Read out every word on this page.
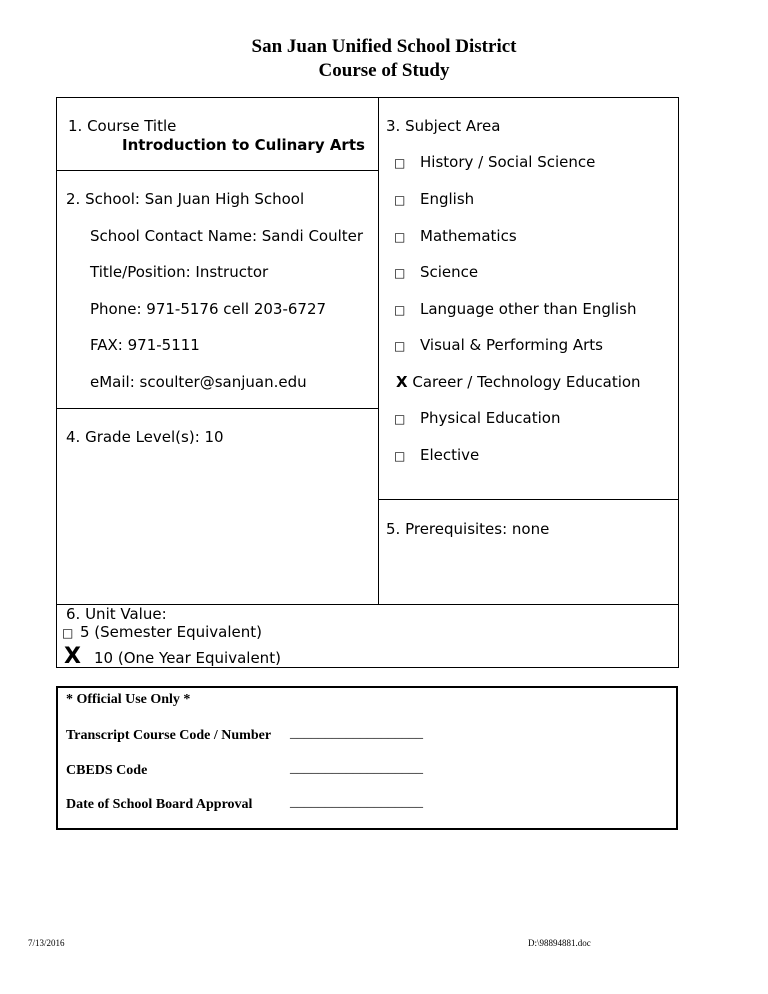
San Juan Unified School District
Course of Study
1. Course Title
Introduction to Culinary Arts
2. School: San Juan High School
School Contact Name: Sandi Coulter
Title/Position: Instructor
Phone: 971-5176 cell 203-6727
FAX: 971-5111
eMail: scoulter@sanjuan.edu
3. Subject Area
□ History / Social Science
□ English
□ Mathematics
□ Science
□ Language other than English
□ Visual & Performing Arts
X Career / Technology Education
□ Physical Education
□ Elective
4. Grade Level(s): 10
5. Prerequisites: none
6. Unit Value:
□ 5 (Semester Equivalent)
X 10 (One Year Equivalent)
* Official Use Only *
Transcript Course Code / Number ___________________
CBEDS Code	___________________
Date of School Board Approval	___________________
7/13/2016	D:\98894881.doc
